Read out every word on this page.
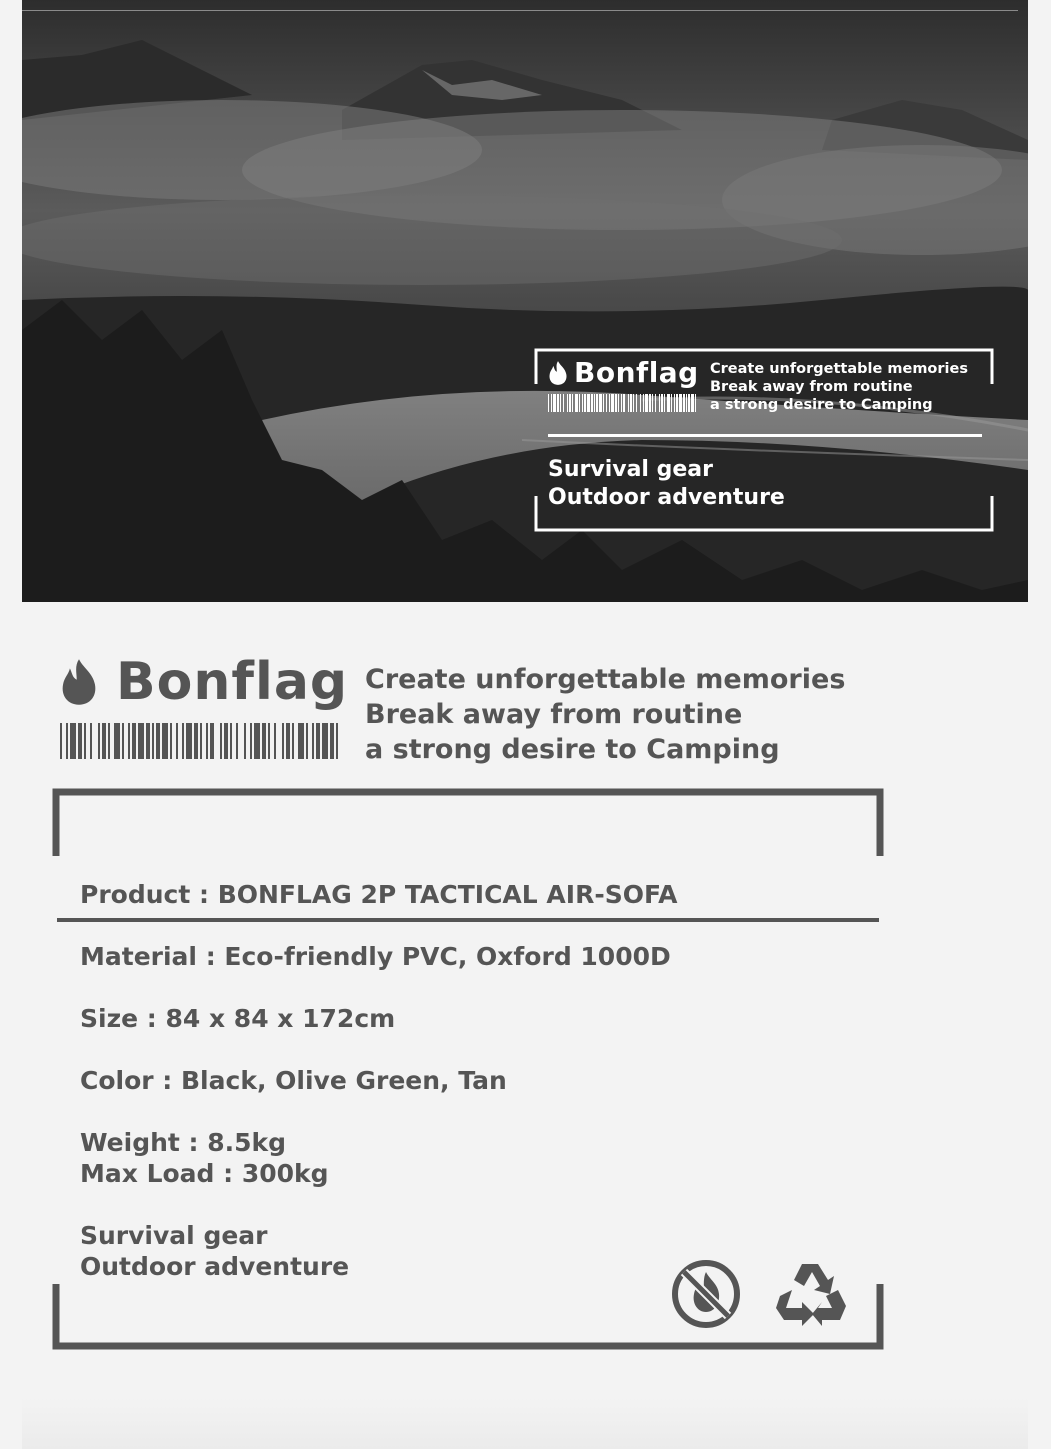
Bonflag Create unforgettable memories
Break away from routine
a strong desire to Camping
Survival gear
Outdoor adventure
Bonflag Create unforgettable memories
Break away from routine
a strong desire to Camping
Product : BONFLAG 2P TACTICAL AIR-SOFA
Material : Eco-friendly PVC, Oxford 1000D
Size : 84 x 84 x 172cm
Color : Black, Olive Green, Tan
Weight : 8.5kg
Max Load : 300kg
Survival gear
Outdoor adventure
